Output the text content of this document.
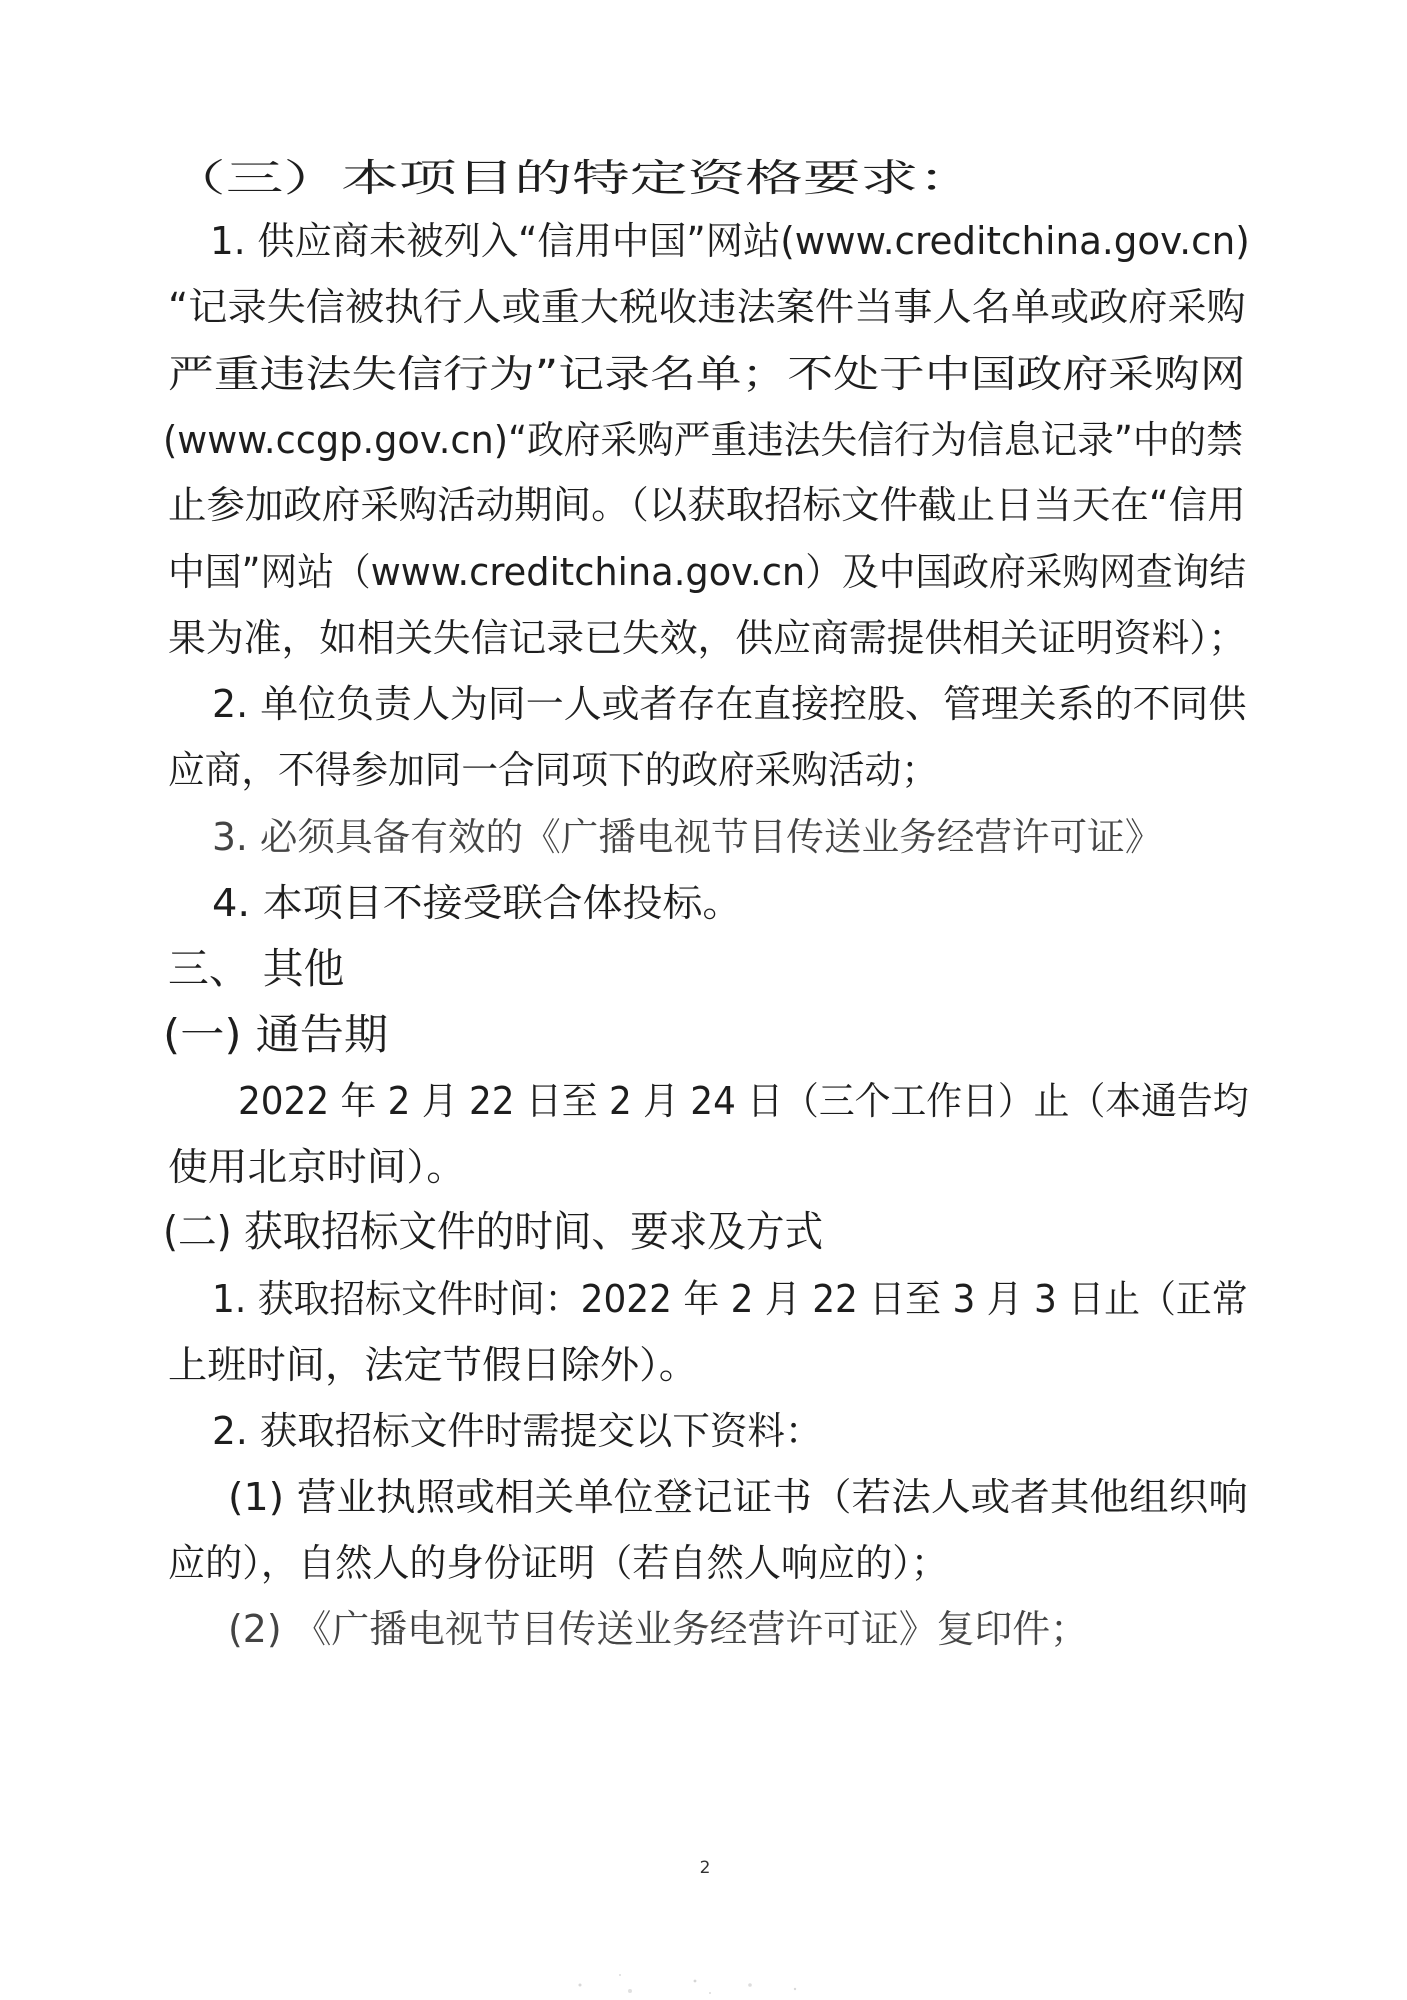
（三）本项目的特定资格要求：
1. 供应商未被列入“信用中国”网站(www.creditchina.gov.cn)
“记录失信被执行人或重大税收违法案件当事人名单或政府采购
严重违法失信行为”记录名单；不处于中国政府采购网
(www.ccgp.gov.cn)“政府采购严重违法失信行为信息记录”中的禁
止参加政府采购活动期间。（以获取招标文件截止日当天在“信用
中国”网站（www.creditchina.gov.cn）及中国政府采购网查询结
果为准，如相关失信记录已失效，供应商需提供相关证明资料）；
2. 单位负责人为同一人或者存在直接控股、管理关系的不同供
应商，不得参加同一合同项下的政府采购活动；
3. 必须具备有效的《广播电视节目传送业务经营许可证》
4. 本项目不接受联合体投标。
三、 其他
(一) 通告期
2022 年 2 月 22 日至 2 月 24 日（三个工作日）止（本通告均
使用北京时间）。
(二) 获取招标文件的时间、要求及方式
1. 获取招标文件时间：2022 年 2 月 22 日至 3 月 3 日止（正常
上班时间，法定节假日除外）。
2. 获取招标文件时需提交以下资料：
(1) 营业执照或相关单位登记证书（若法人或者其他组织响
应的），自然人的身份证明（若自然人响应的）；
(2) 《广播电视节目传送业务经营许可证》复印件；
2
